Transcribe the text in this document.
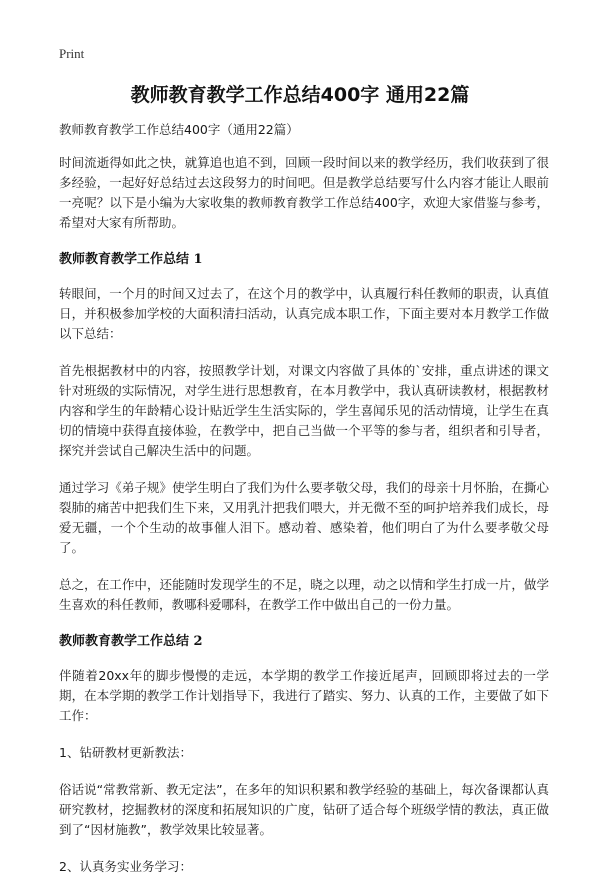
Print
教师教育教学工作总结400字 通用22篇

教师教育教学工作总结400字（通用22篇）

时间流逝得如此之快，就算追也追不到，回顾一段时间以来的教学经历，我们收获到了很多经验，一起好好总结过去这段努力的时间吧。但是教学总结要写什么内容才能让人眼前一亮呢？以下是小编为大家收集的教师教育教学工作总结400字，欢迎大家借鉴与参考，希望对大家有所帮助。

教师教育教学工作总结 1

转眼间，一个月的时间又过去了，在这个月的教学中，认真履行科任教师的职责，认真值日，并积极参加学校的大面积清扫活动，认真完成本职工作，下面主要对本月教学工作做以下总结：

首先根据教材中的内容，按照教学计划，对课文内容做了具体的`安排，重点讲述的课文针对班级的实际情况，对学生进行思想教育，在本月教学中，我认真研读教材，根据教材内容和学生的年龄精心设计贴近学生生活实际的，学生喜闻乐见的活动情境，让学生在真切的情境中获得直接体验，在教学中，把自己当做一个平等的参与者，组织者和引导者，探究并尝试自己解决生活中的问题。

通过学习《弟子规》使学生明白了我们为什么要孝敬父母，我们的母亲十月怀胎，在撕心裂肺的痛苦中把我们生下来，又用乳汁把我们喂大，并无微不至的呵护培养我们成长，母爱无疆，一个个生动的故事催人泪下。感动着、感染着，他们明白了为什么要孝敬父母了。

总之，在工作中，还能随时发现学生的不足，晓之以理，动之以情和学生打成一片，做学生喜欢的科任教师，教哪科爱哪科，在教学工作中做出自己的一份力量。

教师教育教学工作总结 2

伴随着20xx年的脚步慢慢的走远，本学期的教学工作接近尾声，回顾即将过去的一学期，在本学期的教学工作计划指导下，我进行了踏实、努力、认真的工作，主要做了如下工作：

1、钻研教材更新教法：

俗话说“常教常新、教无定法”，在多年的知识积累和教学经验的基础上，每次备课都认真研究教材，挖掘教材的深度和拓展知识的广度，钻研了适合每个班级学情的教法，真正做到了“因材施教”，教学效果比较显著。

2、认真务实业务学习：
